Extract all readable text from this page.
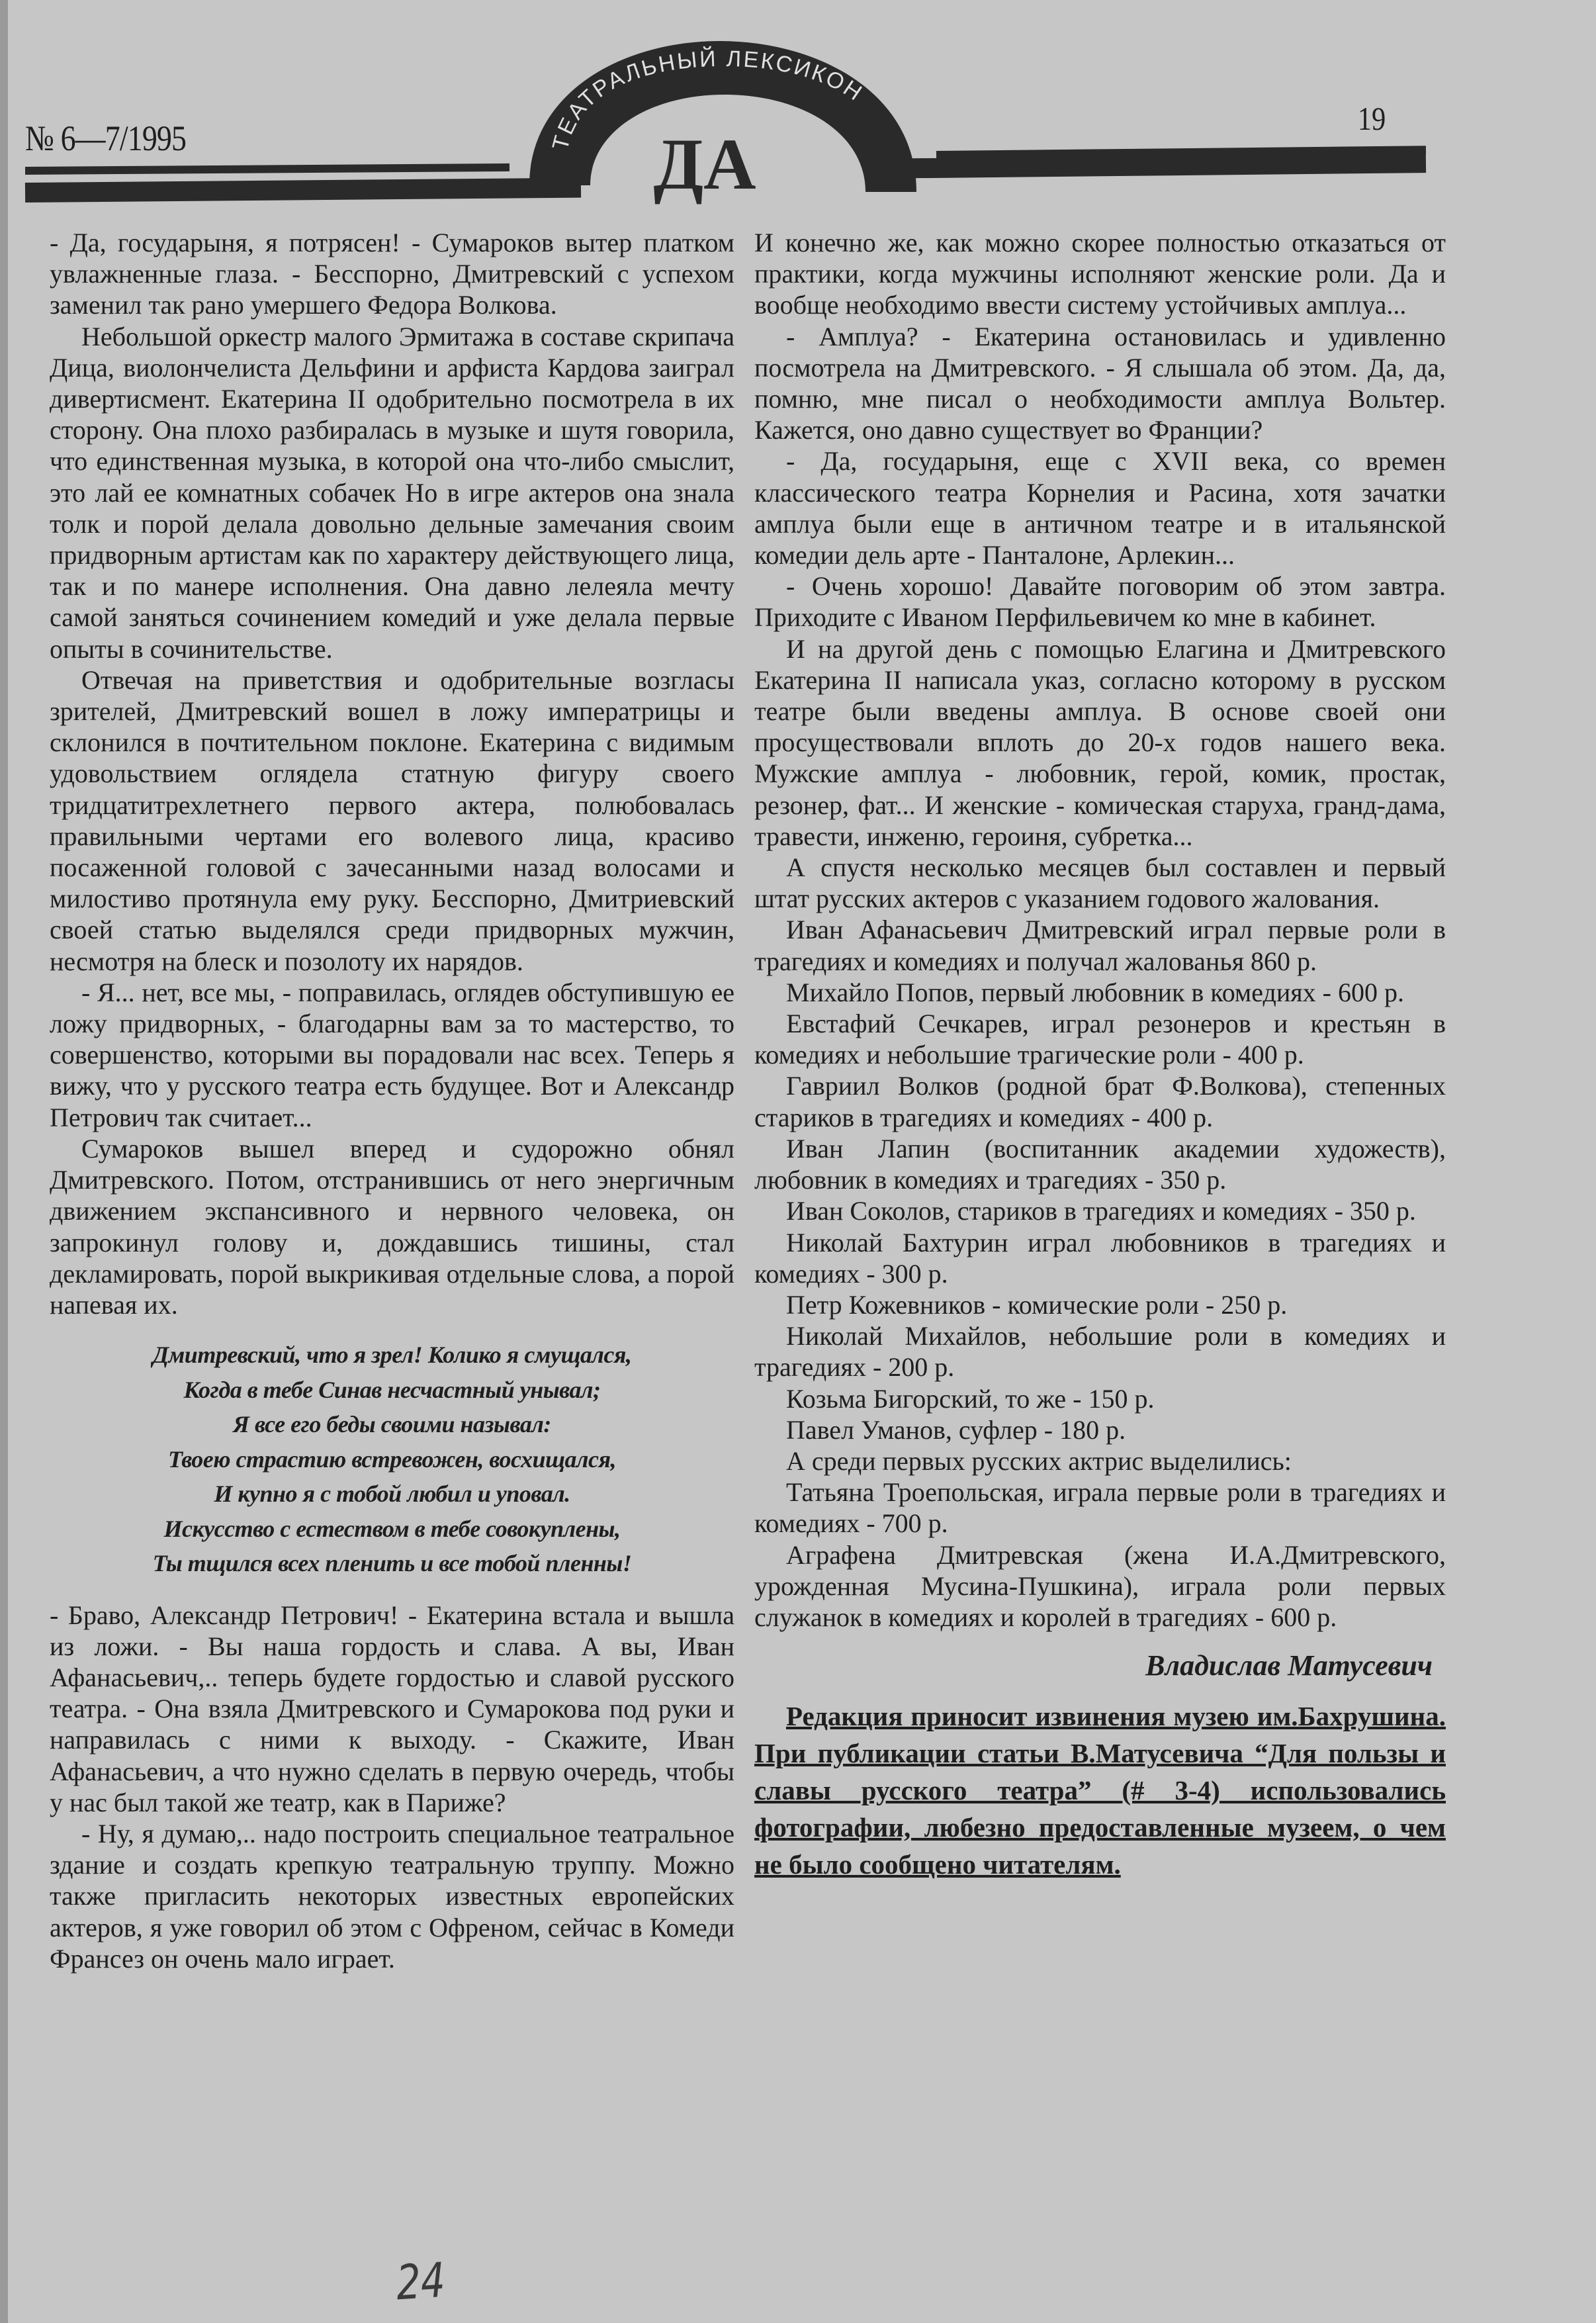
ТЕАТРАЛЬНЫЙ ЛЕКСИКОН
ДА
№ 6—7/1995	19

- Да, государыня, я потрясен! - Сумароков вытер платком увлажненные глаза. - Бесспорно, Дмитревский с успехом заменил так рано умершего Федора Волкова.

Небольшой оркестр малого Эрмитажа в составе скрипача Дица, виолончелиста Дельфини и арфиста Кардова заиграл дивертисмент. Екатерина II одобрительно посмотрела в их сторону. Она плохо разбиралась в музыке и шутя говорила, что единственная музыка, в которой она что-либо смыслит, это лай ее комнатных собачек Но в игре актеров она знала толк и порой делала довольно дельные замечания своим придворным артистам как по характеру действующего лица, так и по манере исполнения. Она давно лелеяла мечту самой заняться сочинением комедий и уже делала первые опыты в сочинительстве.

Отвечая на приветствия и одобрительные возгласы зрителей, Дмитревский вошел в ложу императрицы и склонился в почтительном поклоне. Екатерина с видимым удовольствием оглядела статную фигуру своего тридцатитрехлетнего первого актера, полюбовалась правильными чертами его волевого лица, красиво посаженной головой с зачесанными назад волосами и милостиво протянула ему руку. Бесспорно, Дмитриевский своей статью выделялся среди придворных мужчин, несмотря на блеск и позолоту их нарядов.

- Я... нет, все мы, - поправилась, оглядев обступившую ее ложу придворных, - благодарны вам за то мастерство, то совершенство, которыми вы порадовали нас всех. Теперь я вижу, что у русского театра есть будущее. Вот и Александр Петрович так считает...

Сумароков вышел вперед и судорожно обнял Дмитревского. Потом, отстранившись от него энергичным движением экспансивного и нервного человека, он запрокинул голову и, дождавшись тишины, стал декламировать, порой выкрикивая отдельные слова, а порой напевая их.

Дмитревский, что я зрел! Колико я смущался,
Когда в тебе Синав несчастный унывал;
Я все его беды своими называл:
Твоею страстию встревожен, восхищался,
И купно я с тобой любил и уповал.
Искусство с естеством в тебе совокуплены,
Ты тщился всех пленить и все тобой пленны!

- Браво, Александр Петрович! - Екатерина встала и вышла из ложи. - Вы наша гордость и слава. А вы, Иван Афанасьевич,.. теперь будете гордостью и славой русского театра. - Она взяла Дмитревского и Сумарокова под руки и направилась с ними к выходу. - Скажите, Иван Афанасьевич, а что нужно сделать в первую очередь, чтобы у нас был такой же театр, как в Париже?

- Ну, я думаю,.. надо построить специальное театральное здание и создать крепкую театральную труппу. Можно также пригласить некоторых известных европейских актеров, я уже говорил об этом с Офреном, сейчас в Комеди Франсез он очень мало играет.

И конечно же, как можно скорее полностью отказаться от практики, когда мужчины исполняют женские роли. Да и вообще необходимо ввести систему устойчивых амплуа...

- Амплуа? - Екатерина остановилась и удивленно посмотрела на Дмитревского. - Я слышала об этом. Да, да, помню, мне писал о необходимости амплуа Вольтер. Кажется, оно давно существует во Франции?

- Да, государыня, еще с XVII века, со времен классического театра Корнелия и Расина, хотя зачатки амплуа были еще в античном театре и в итальянской комедии дель арте - Панталоне, Арлекин...

- Очень хорошо! Давайте поговорим об этом завтра. Приходите с Иваном Перфильевичем ко мне в кабинет.

И на другой день с помощью Елагина и Дмитревского Екатерина II написала указ, согласно которому в русском театре были введены амплуа. В основе своей они просуществовали вплоть до 20-х годов нашего века. Мужские амплуа - любовник, герой, комик, простак, резонер, фат... И женские - комическая старуха, гранд-дама, травести, инженю, героиня, субретка...

А спустя несколько месяцев был составлен и первый штат русских актеров с указанием годового жалования.

Иван Афанасьевич Дмитревский играл первые роли в трагедиях и комедиях и получал жалованья 860 р.

Михайло Попов, первый любовник в комедиях - 600 р.

Евстафий Сечкарев, играл резонеров и крестьян в комедиях и небольшие трагические роли - 400 р.

Гавриил Волков (родной брат Ф.Волкова), степенных стариков в трагедиях и комедиях - 400 р.

Иван Лапин (воспитанник академии художеств), любовник в комедиях и трагедиях - 350 р.

Иван Соколов, стариков в трагедиях и комедиях - 350 р.

Николай Бахтурин играл любовников в трагедиях и комедиях - 300 р.

Петр Кожевников - комические роли - 250 р.

Николай Михайлов, небольшие роли в комедиях и трагедиях - 200 р.

Козьма Бигорский, то же - 150 р.

Павел Уманов, суфлер - 180 р.

А среди первых русских актрис выделились:

Татьяна Троепольская, играла первые роли в трагедиях и комедиях - 700 р.

Аграфена Дмитревская (жена И.А.Дмитревского, урожденная Мусина-Пушкина), играла роли первых служанок в комедиях и королей в трагедиях - 600 р.

Владислав Матусевич

Редакция приносит извинения музею им.Бахрушина. При публикации статьи В.Матусевича “Для пользы и славы русского театра” (# 3-4) использовались фотографии, любезно предоставленные музеем, о чем не было сообщено читателям.

24
